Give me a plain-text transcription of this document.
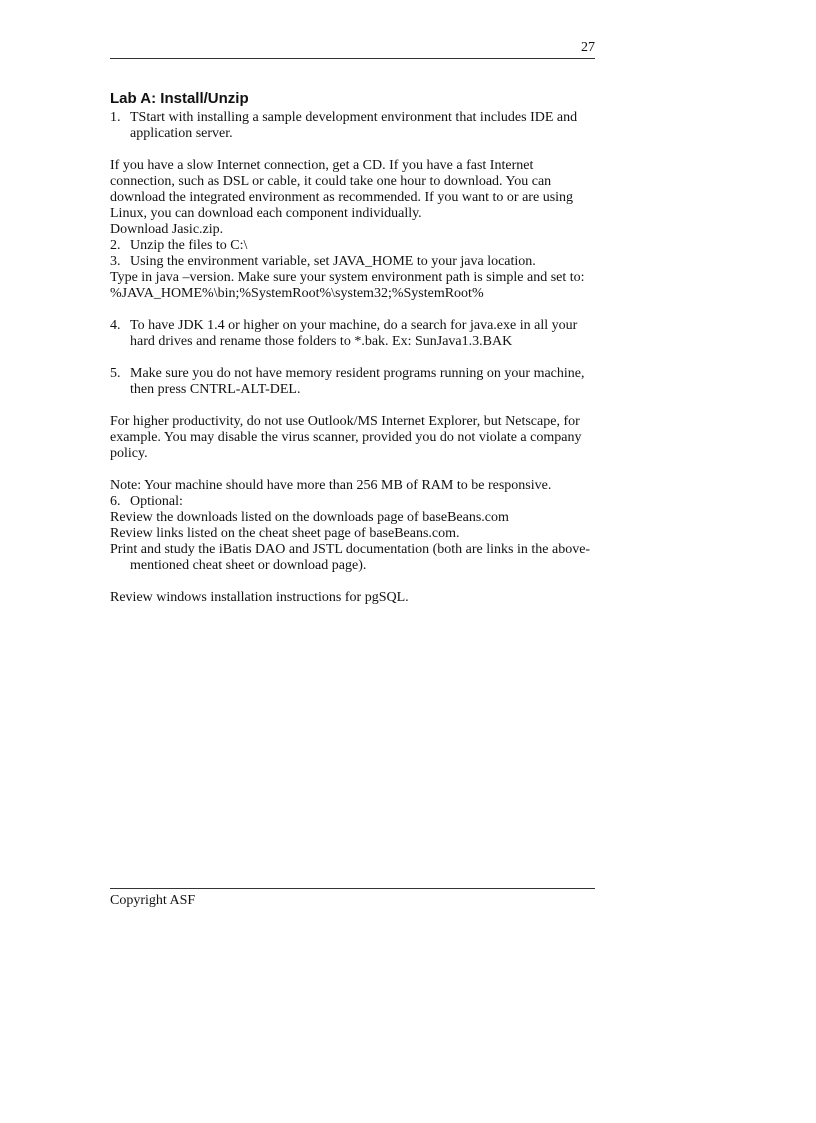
27
Lab A: Install/Unzip
1. TStart with installing a sample development environment that includes IDE and application server.
If you have a slow Internet connection, get a CD. If you have a fast Internet connection, such as DSL or cable, it could take one hour to download. You can download the integrated environment as recommended. If you want to or are using Linux, you can download each component individually.
Download Jasic.zip.
2. Unzip the files to C:\
3. Using the environment variable, set JAVA_HOME to your java location.
Type in java –version. Make sure your system environment path is simple and set to:
%JAVA_HOME%\bin;%SystemRoot%\system32;%SystemRoot%
4. To have JDK 1.4 or higher on your machine, do a search for java.exe in all your hard drives and rename those folders to *.bak. Ex: SunJava1.3.BAK
5. Make sure you do not have memory resident programs running on your machine, then press CNTRL-ALT-DEL.
For higher productivity, do not use Outlook/MS Internet Explorer, but Netscape, for example. You may disable the virus scanner, provided you do not violate a company policy.
Note: Your machine should have more than 256 MB of RAM to be responsive.
6. Optional:
Review the downloads listed on the downloads page of baseBeans.com
Review links listed on the cheat sheet page of baseBeans.com.
Print and study the iBatis DAO and JSTL documentation (both are links in the above-mentioned cheat sheet or download page).
Review windows installation instructions for pgSQL.
Copyright ASF
